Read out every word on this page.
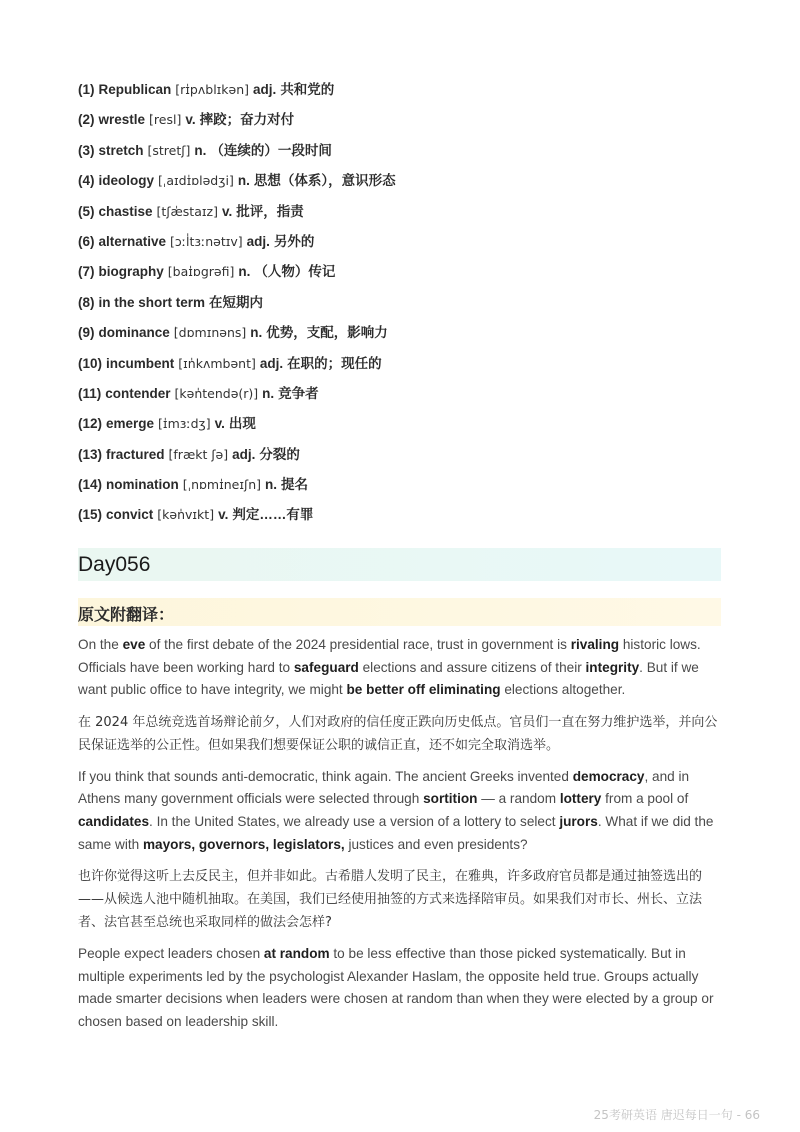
(1) Republican [rɪ̍pʌblɪkən] adj. 共和党的
(2) wrestle [̍resl] v. 摔跤；奋力对付
(3) stretch [stretʃ] n. （连续的）一段时间
(4) ideology [ˌaɪdɪ̍ɒlədʒi] n. 思想（体系），意识形态
(5) chastise [tʃæ̍staɪz] v. 批评，指责
(6) alternative [ɔːl̍tɜːnətɪv] adj. 另外的
(7) biography [baɪ̍ɒgrəfi] n. （人物）传记
(8) in the short term 在短期内
(9) dominance [̍dɒmɪnəns] n. 优势，支配，影响力
(10) incumbent [ɪn̍kʌmbənt] adj. 在职的；现任的
(11) contender [kən̍tendə(r)] n. 竞争者
(12) emerge [ɪ̍mɜːdʒ] v. 出现
(13) fractured [̍frækt ʃə] adj. 分裂的
(14) nomination [ˌnɒmɪ̍neɪʃn] n. 提名
(15) convict [kən̍vɪkt] v. 判定……有罪
Day056
原文附翻译：

On the eve of the first debate of the 2024 presidential race, trust in government is rivaling historic lows. Officials have been working hard to safeguard elections and assure citizens of their integrity. But if we want public office to have integrity, we might be better off eliminating elections altogether.

在 2024 年总统竞选首场辩论前夕，人们对政府的信任度正跌向历史低点。官员们一直在努力维护选举，并向公民保证选举的公正性。但如果我们想要保证公职的诚信正直，还不如完全取消选举。

If you think that sounds anti-democratic, think again. The ancient Greeks invented democracy, and in Athens many government officials were selected through sortition — a random lottery from a pool of candidates. In the United States, we already use a version of a lottery to select jurors. What if we did the same with mayors, governors, legislators, justices and even presidents?

也许你觉得这听上去反民主，但并非如此。古希腊人发明了民主，在雅典，许多政府官员都是通过抽签选出的——从候选人池中随机抽取。在美国，我们已经使用抽签的方式来选择陪审员。如果我们对市长、州长、立法者、法官甚至总统也采取同样的做法会怎样?

People expect leaders chosen at random to be less effective than those picked systematically. But in multiple experiments led by the psychologist Alexander Haslam, the opposite held true. Groups actually made smarter decisions when leaders were chosen at random than when they were elected by a group or chosen based on leadership skill.

25考研英语 唐迟每日一句 - 66
